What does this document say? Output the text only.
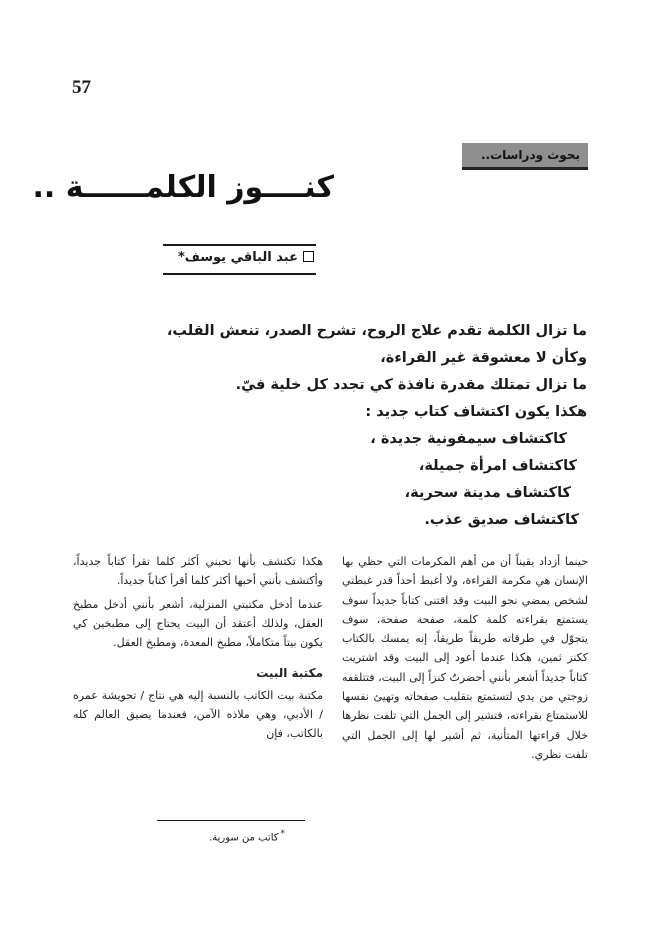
57
بحوث ودراسات..
كنــــوز الكلمــــــة ..
عبد الباقي يوسف*
ما تزال الكلمة تقدم علاج الروح، تشرح الصدر، تنعش القلب،
وكأن لا معشوقة غير القراءة،
ما تزال تمتلك مقدرة نافذة كي تجدد كل خلية فيّ.
هكذا يكون اكتشاف كتاب جديد :
كاكتشاف سيمفونية جديدة ،
كاكتشاف امرأة جميلة،
كاكتشاف مدينة سحرية،
كاكتشاف صديق عذب.

حينما أزداد يقيناً أن من أهم المكرمات التي حظي بها الإنسان هي مكرمة القراءة، ولا أغبط أحداً قدر غبطتي لشخص يمضي نحو البيت وقد اقتنى كتاباً جديداً سوف يستمتع بقراءته كلمة كلمة، صفحة صفحة، سوف يتجوّل في طرقاته طريقاً طريقاً، إنه يمسك بالكتاب ككنز ثمين، هكذا عندما أعود إلى البيت وقد اشتريت كتاباً جديداً أشعر بأنني أحضرتُ كنزاً إلى البيت، فتتلقفه زوجتي من يدي لتستمتع بتقليب صفحاته وتهيئ نفسها للاستمتاع بقراءته، فتشير إلى الجمل التي تلفت نظرها خلال قراءتها المتأنية، ثم أشير لها إلى الجمل التي تلفت نظري.

هكذا تكتشف بأنها تحبني أكثر كلما تقرأ كتاباً جديداً، وأكتشف بأنني أحبها أكثر كلما أقرأ كتاباً جديداً.

عندما أدخل مكتبتي المنزلية، أشعر بأنني أدخل مطبخ العقل، ولذلك أعتقد أن البيت يحتاج إلى مطبخين كي يكون بيتاً متكاملاً، مطبخ المعدة، ومطبخ العقل.

مكتبة البيت

مكتبة بيت الكاتب بالنسبة إليه هي نتاج / تحويشة عمره / الأدبي، وهي ملاذه الآمن، فعندما يضيق العالم كله بالكاتب، فإن

*كاتب من سورية.
